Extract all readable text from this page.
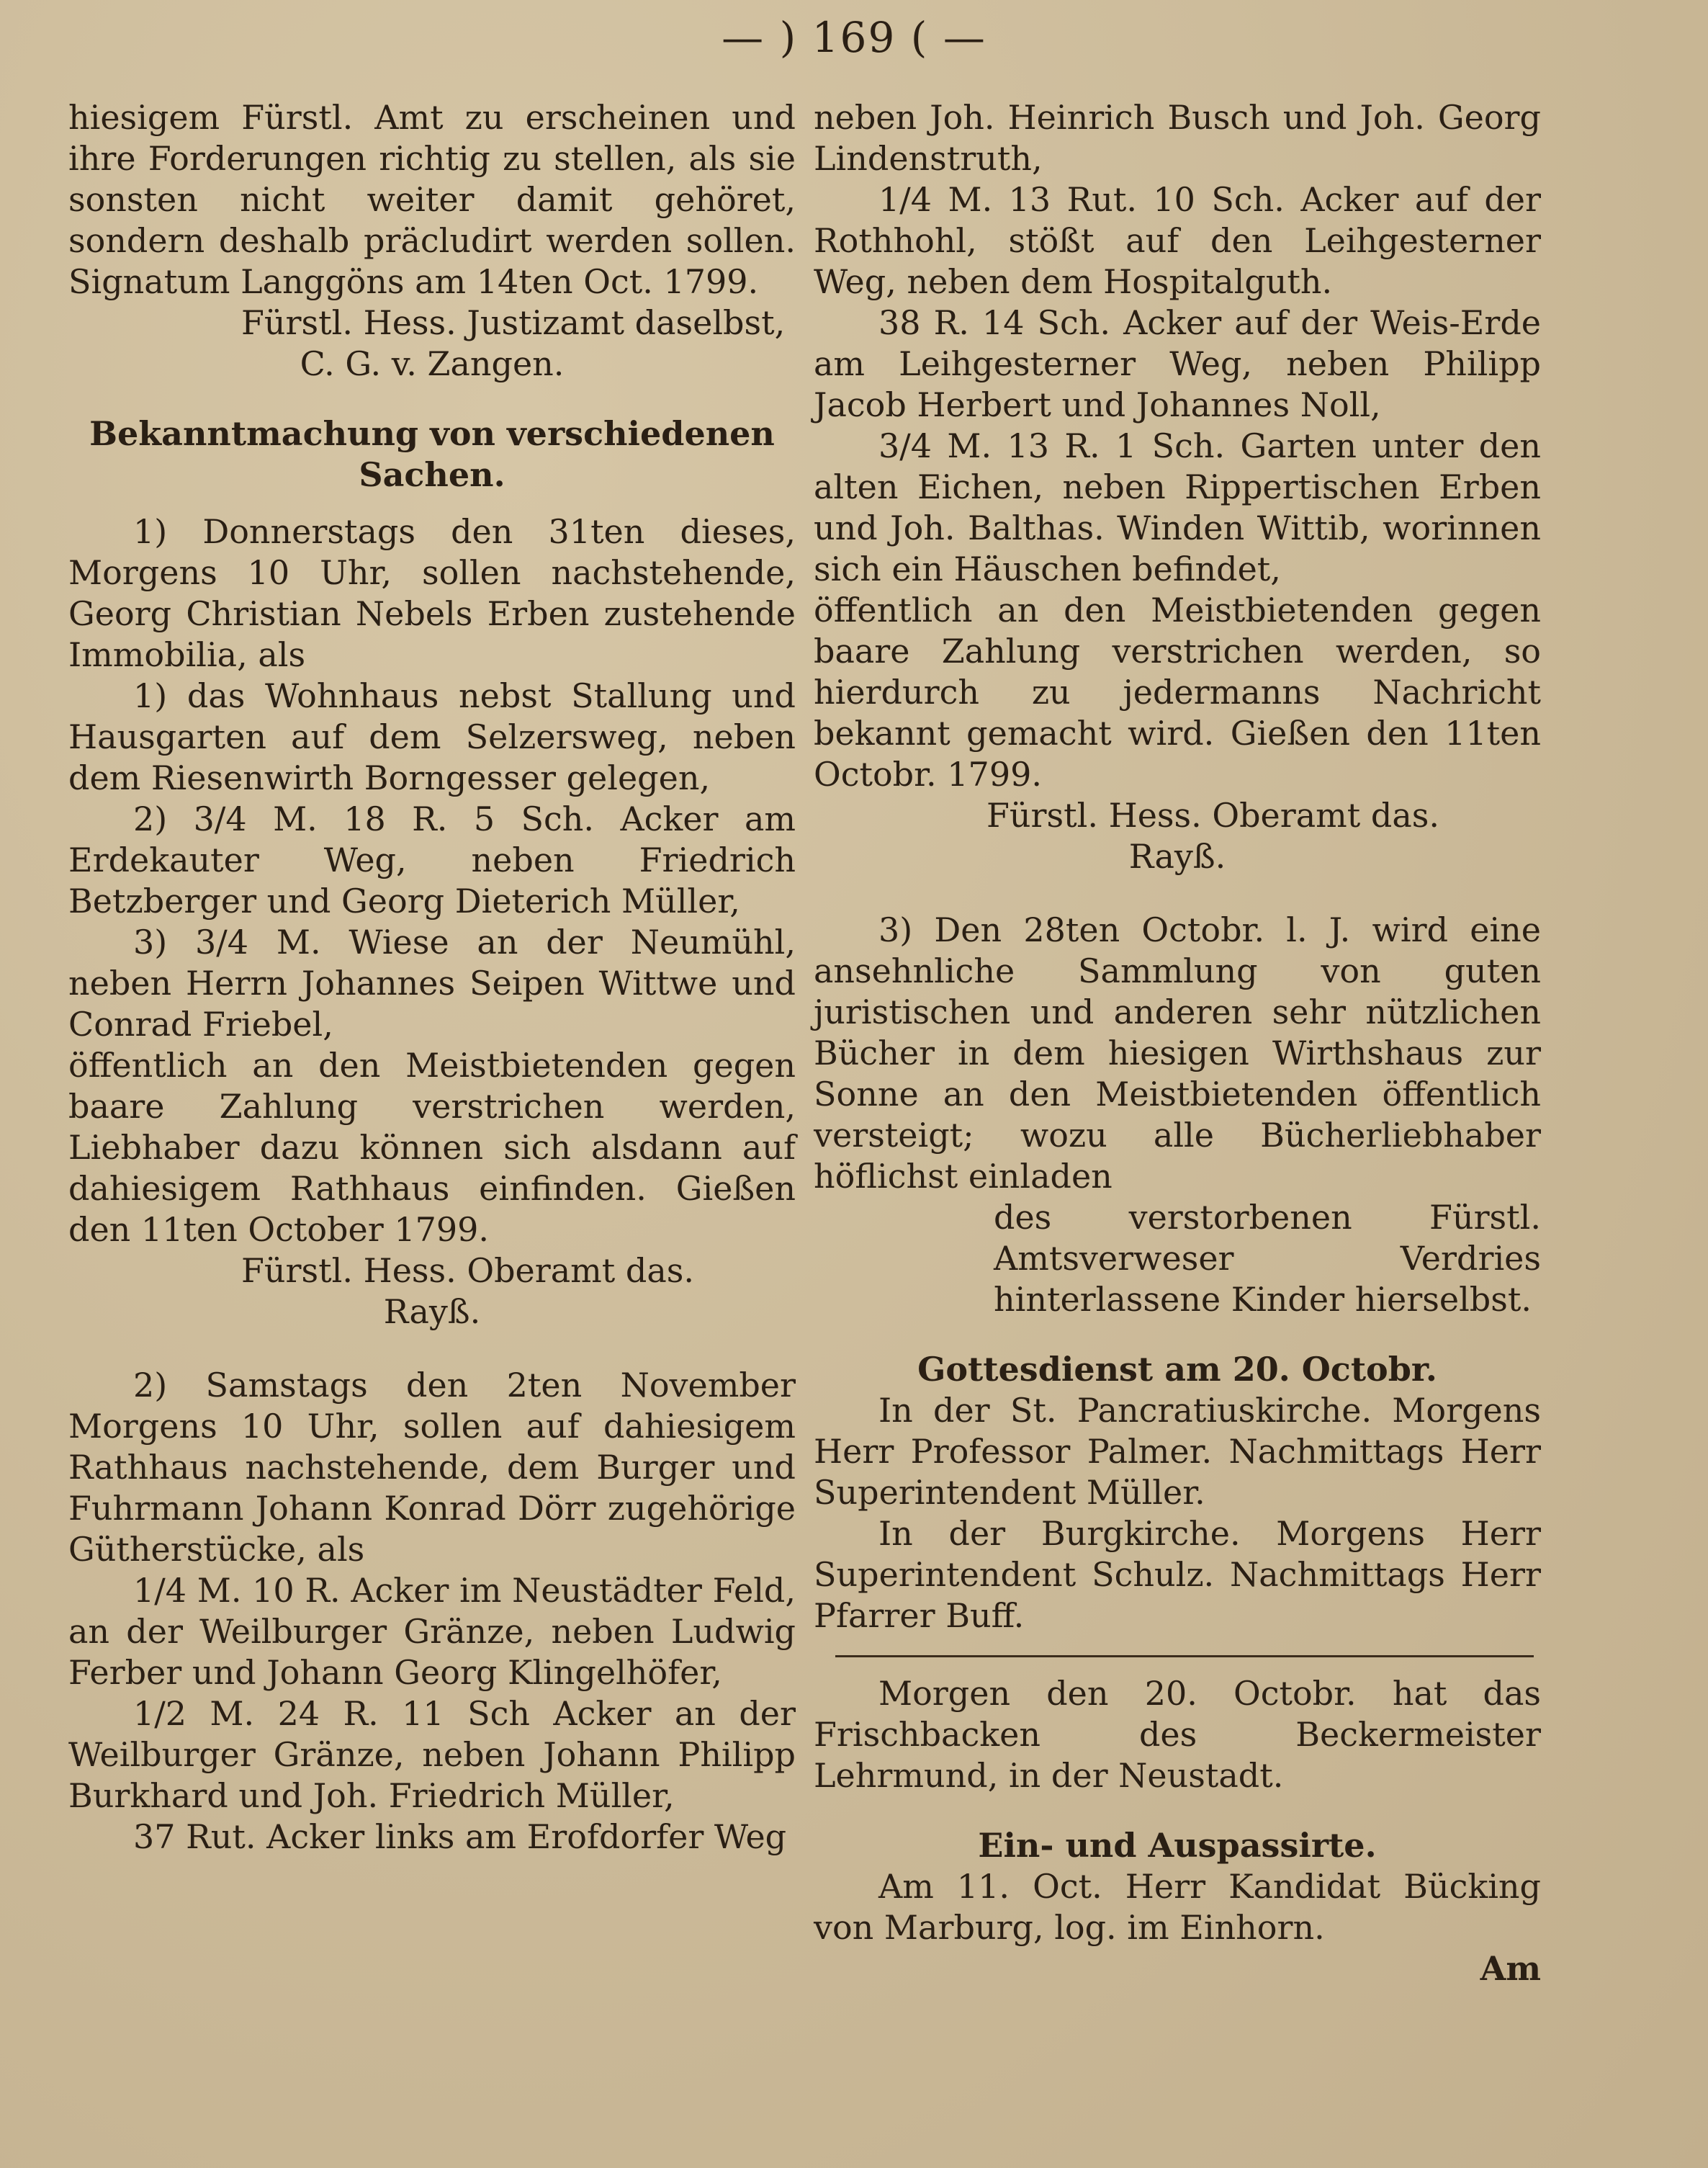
— ) 169 ( —

hiesigem Fürstl. Amt zu erscheinen und ihre Forderungen richtig zu stellen, als sie sonsten nicht weiter damit gehöret, sondern deshalb präcludirt werden sollen. Signatum Langgöns am 14ten Oct. 1799.

Fürstl. Hess. Justizamt daselbst,

C. G. v. Zangen.

Bekanntmachung von verschiedenen Sachen.

1) Donnerstags den 31ten dieses, Morgens 10 Uhr, sollen nachstehende, Georg Christian Nebels Erben zustehende Immobilia, als

1) das Wohnhaus nebst Stallung und Hausgarten auf dem Selzersweg, neben dem Riesenwirth Borngesser gelegen,

2) 3/4 M. 18 R. 5 Sch. Acker am Erdekauter Weg, neben Friedrich Betzberger und Georg Dieterich Müller,

3) 3/4 M. Wiese an der Neumühl, neben Herrn Johannes Seipen Wittwe und Conrad Friebel,

öffentlich an den Meistbietenden gegen baare Zahlung verstrichen werden, Liebhaber dazu können sich alsdann auf dahiesigem Rathhaus einfinden. Gießen den 11ten October 1799.

Fürstl. Hess. Oberamt das.

Rayß.

2) Samstags den 2ten November Morgens 10 Uhr, sollen auf dahiesigem Rathhaus nachstehende, dem Burger und Fuhrmann Johann Konrad Dörr zugehörige Gütherstücke, als

1/4 M. 10 R. Acker im Neustädter Feld, an der Weilburger Gränze, neben Ludwig Ferber und Johann Georg Klingelhöfer,

1/2 M. 24 R. 11 Sch Acker an der Weilburger Gränze, neben Johann Philipp Burkhard und Joh. Friedrich Müller,

37 Rut. Acker links am Erofdorfer Weg

neben Joh. Heinrich Busch und Joh. Georg Lindenstruth,

1/4 M. 13 Rut. 10 Sch. Acker auf der Rothhohl, stößt auf den Leihgesterner Weg, neben dem Hospitalguth.

38 R. 14 Sch. Acker auf der Weis-Erde am Leihgesterner Weg, neben Philipp Jacob Herbert und Johannes Noll,

3/4 M. 13 R. 1 Sch. Garten unter den alten Eichen, neben Rippertischen Erben und Joh. Balthas. Winden Wittib, worinnen sich ein Häuschen befindet,

öffentlich an den Meistbietenden gegen baare Zahlung verstrichen werden, so hierdurch zu jedermanns Nachricht bekannt gemacht wird. Gießen den 11ten Octobr. 1799.

Fürstl. Hess. Oberamt das.

Rayß.

3) Den 28ten Octobr. l. J. wird eine ansehnliche Sammlung von guten juristischen und anderen sehr nützlichen Bücher in dem hiesigen Wirthshaus zur Sonne an den Meistbietenden öffentlich versteigt; wozu alle Bücherliebhaber höflichst einladen

des verstorbenen Fürstl. Amtsverweser Verdries hinterlassene Kinder hierselbst.

Gottesdienst am 20. Octobr.

In der St. Pancratiuskirche. Morgens Herr Professor Palmer. Nachmittags Herr Superintendent Müller.

In der Burgkirche. Morgens Herr Superintendent Schulz. Nachmittags Herr Pfarrer Buff.

Morgen den 20. Octobr. hat das Frischbacken des Beckermeister Lehrmund, in der Neustadt.

Ein- und Auspassirte.

Am 11. Oct. Herr Kandidat Bücking von Marburg, log. im Einhorn.

Am
